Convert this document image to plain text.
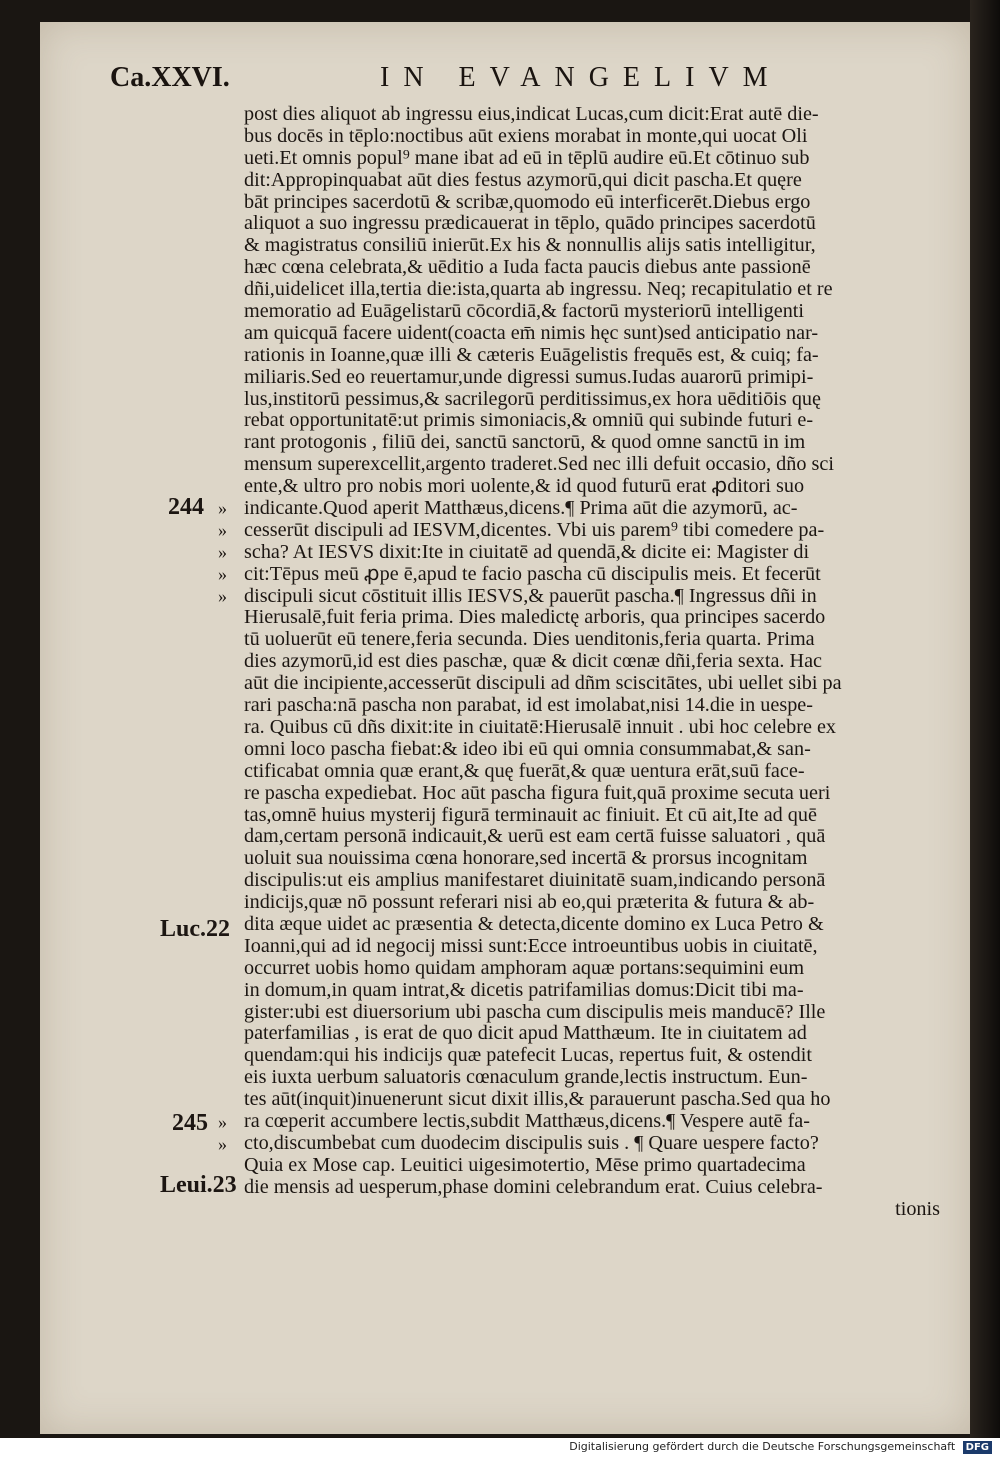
Ca.XXVI.	IN EVANGELIVM
post dies aliquot ab ingressu eius,indicat Lucas,cum dicit:Erat autē die-
bus docēs in tēplo:noctibus aūt exiens morabat in monte,qui uocat Oli
ueti.Et omnis popul⁹ mane ibat ad eū in tēplū audire eū.Et cōtinuo sub
dit:Appropinquabat aūt dies festus azymorū,qui dicit pascha.Et quęre
bāt principes sacerdotū & scribæ,quomodo eū interficerēt.Diebus ergo
aliquot a suo ingressu prædicauerat in tēplo, quādo principes sacerdotū
& magistratus consiliū inierūt.Ex his & nonnullis alijs satis intelligitur,
hæc cœna celebrata,& uēditio a Iuda facta paucis diebus ante passionē
dñi,uidelicet illa,tertia die:ista,quarta ab ingressu. Neq; recapitulatio et re
memoratio ad Euāgelistarū cōcordiā,& factorū mysteriorū intelligenti
am quicquā facere uident(coacta em̄ nimis hęc sunt)sed anticipatio nar-
rationis in Ioanne,quæ illi & cæteris Euāgelistis frequēs est, & cuiq; fa-
miliaris.Sed eo reuertamur,unde digressi sumus.Iudas auarorū primipi-
lus,institorū pessimus,& sacrilegorū perditissimus,ex hora uēditiōis quę
rebat opportunitatē:ut primis simoniacis,& omniū qui subinde futuri e-
rant protogonis , filiū dei, sanctū sanctorū, & quod omne sanctū in im
mensum superexcellit,argento traderet.Sed nec illi defuit occasio, dño sci
ente,& ultro pro nobis mori uolente,& id quod futurū erat ꝓditori suo
indicante.Quod aperit Matthæus,dicens.¶ Prima aūt die azymorū, ac-
cesserūt discipuli ad IESVM,dicentes. Vbi uis parem⁹ tibi comedere pa-
scha? At IESVS dixit:Ite in ciuitatē ad quendā,& dicite ei: Magister di
cit:Tēpus meū ꝓpe ē,apud te facio pascha cū discipulis meis. Et fecerūt
discipuli sicut cōstituit illis IESVS,& pauerūt pascha.¶ Ingressus dñi in
Hierusalē,fuit feria prima. Dies maledictę arboris, qua principes sacerdo
tū uoluerūt eū tenere,feria secunda. Dies uenditonis,feria quarta. Prima
dies azymorū,id est dies paschæ, quæ & dicit cœnæ dñi,feria sexta. Hac
aūt die incipiente,accesserūt discipuli ad dñm sciscitātes, ubi uellet sibi pa
rari pascha:nā pascha non parabat, id est imolabat,nisi 14.die in uespe-
ra. Quibus cū dñs dixit:ite in ciuitatē:Hierusalē innuit . ubi hoc celebre ex
omni loco pascha fiebat:& ideo ibi eū qui omnia consummabat,& san-
ctificabat omnia quæ erant,& quę fuerāt,& quæ uentura erāt,suū face-
re pascha expediebat. Hoc aūt pascha figura fuit,quā proxime secuta ueri
tas,omnē huius mysterij figurā terminauit ac finiuit. Et cū ait,Ite ad quē
dam,certam personā indicauit,& uerū est eam certā fuisse saluatori , quā
uoluit sua nouissima cœna honorare,sed incertā & prorsus incognitam
discipulis:ut eis amplius manifestaret diuinitatē suam,indicando personā
indicijs,quæ nō possunt referari nisi ab eo,qui præterita & futura & ab-
dita æque uidet ac præsentia & detecta,dicente domino ex Luca Petro &
Ioanni,qui ad id negocij missi sunt:Ecce introeuntibus uobis in ciuitatē,
occurret uobis homo quidam amphoram aquæ portans:sequimini eum
in domum,in quam intrat,& dicetis patrifamilias domus:Dicit tibi ma-
gister:ubi est diuersorium ubi pascha cum discipulis meis manducē? Ille
paterfamilias , is erat de quo dicit apud Matthæum. Ite in ciuitatem ad
quendam:qui his indicijs quæ patefecit Lucas, repertus fuit, & ostendit
eis iuxta uerbum saluatoris cœnaculum grande,lectis instructum. Eun-
tes aūt(inquit)inuenerunt sicut dixit illis,& parauerunt pascha.Sed qua ho
ra cœperit accumbere lectis,subdit Matthæus,dicens.¶ Vespere autē fa-
cto,discumbebat cum duodecim discipulis suis . ¶ Quare uespere facto?
Quia ex Mose cap. Leuitici uigesimotertio, Mēse primo quartadecima
die mensis ad uesperum,phase domini celebrandum erat. Cuius celebra-
tionis
244
Luc.22
245
Leui.23
»
»
»
»
»
»
»
Digitalisierung gefördert durch die Deutsche Forschungsgemeinschaft DFG
